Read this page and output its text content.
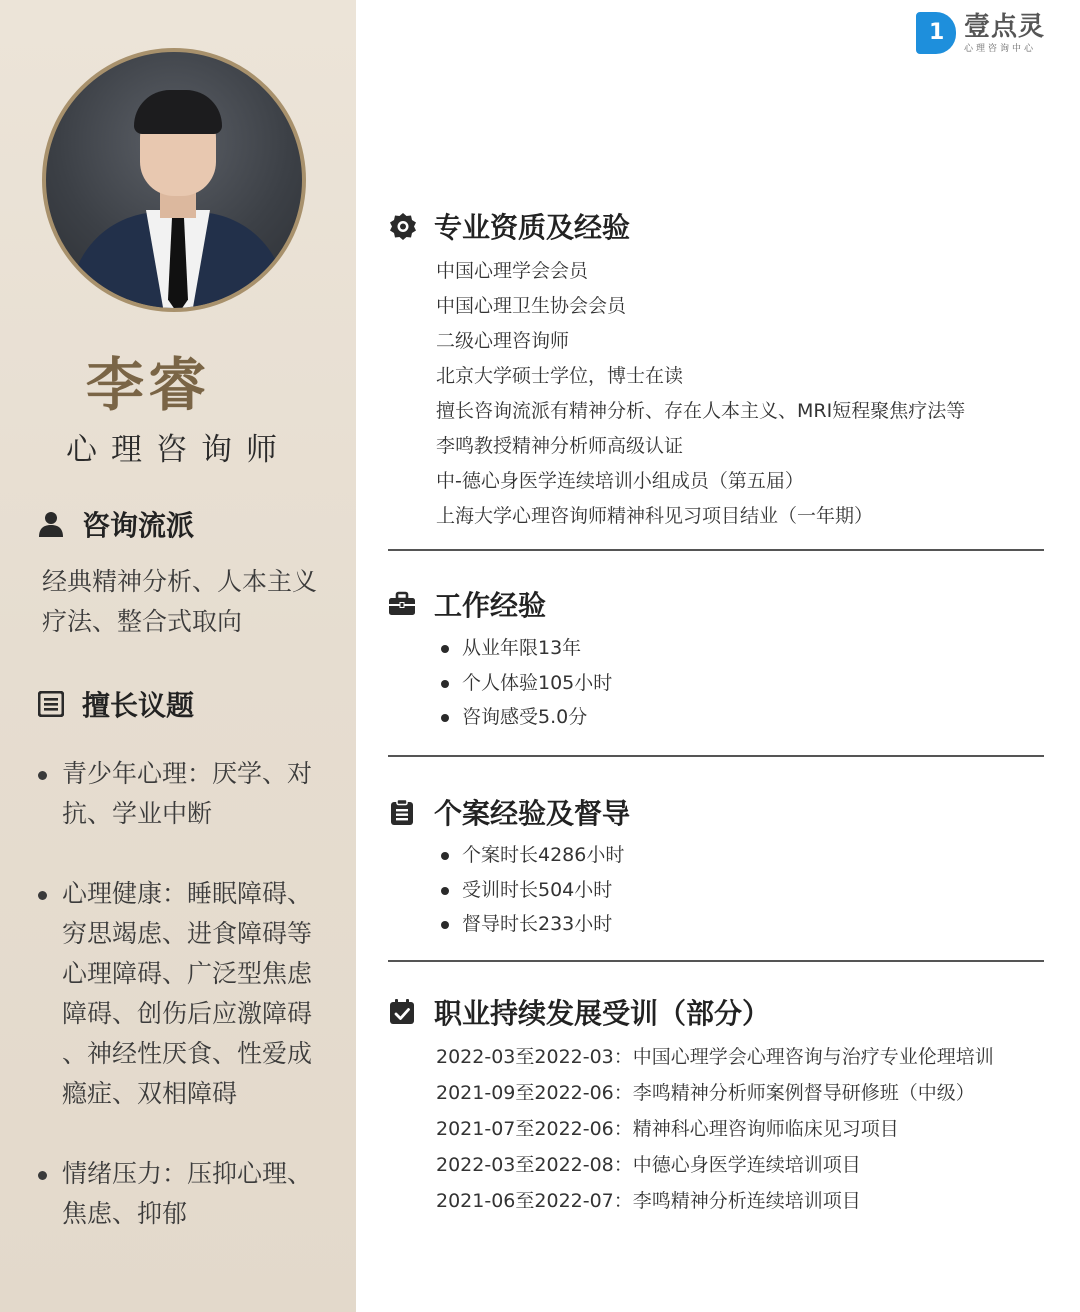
李睿
心理咨询师
咨询流派
经典精神分析、人本主义
疗法、整合式取向
擅长议题
青少年心理：厌学、对
抗、学业中断
心理健康：睡眠障碍、
穷思竭虑、进食障碍等
心理障碍、广泛型焦虑
障碍、创伤后应激障碍
、神经性厌食、性爱成
瘾症、双相障碍
情绪压力：压抑心理、
焦虑、抑郁
1 壹点灵
心理咨询中心
专业资质及经验
中国心理学会会员
中国心理卫生协会会员
二级心理咨询师
北京大学硕士学位，博士在读
擅长咨询流派有精神分析、存在人本主义、MRI短程聚焦疗法等
李鸣教授精神分析师高级认证
中-德心身医学连续培训小组成员（第五届）
上海大学心理咨询师精神科见习项目结业（一年期）
工作经验
从业年限13年
个人体验105小时
咨询感受5.0分
个案经验及督导
个案时长4286小时
受训时长504小时
督导时长233小时
职业持续发展受训（部分）
2022-03至2022-03：中国心理学会心理咨询与治疗专业伦理培训
2021-09至2022-06：李鸣精神分析师案例督导研修班（中级）
2021-07至2022-06：精神科心理咨询师临床见习项目
2022-03至2022-08：中德心身医学连续培训项目
2021-06至2022-07：李鸣精神分析连续培训项目
